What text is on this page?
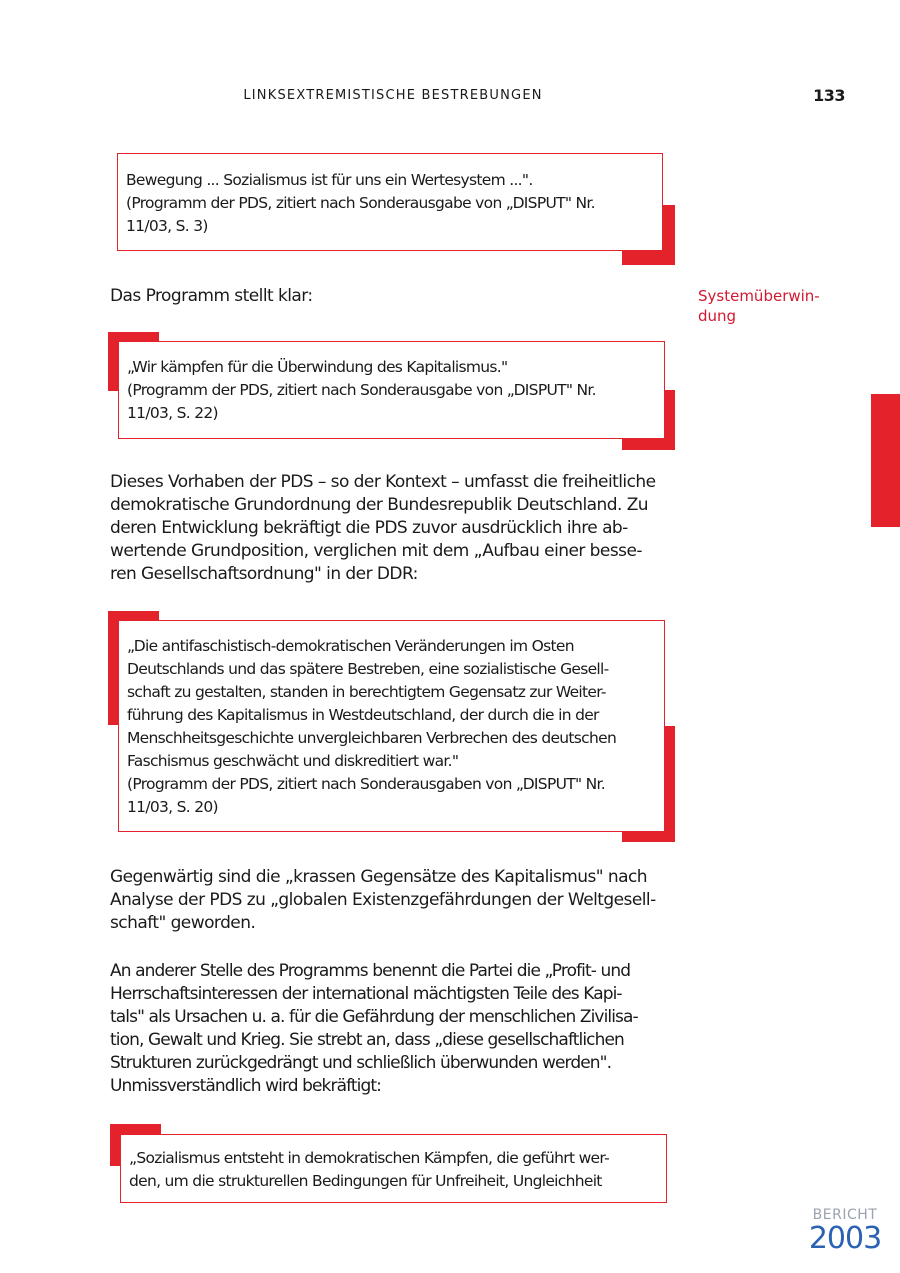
LINKSEXTREMISTISCHE BESTREBUNGEN	133
Systemüberwin-
dung
Bewegung ... Sozialismus ist für uns ein Wertesystem ...".
(Programm der PDS, zitiert nach Sonderausgabe von „DISPUT" Nr.
11/03, S. 3)
Das Programm stellt klar:
„Wir kämpfen für die Überwindung des Kapitalismus."
(Programm der PDS, zitiert nach Sonderausgabe von „DISPUT" Nr.
11/03, S. 22)
Dieses Vorhaben der PDS – so der Kontext – umfasst die freiheitliche
demokratische Grundordnung der Bundesrepublik Deutschland. Zu
deren Entwicklung bekräftigt die PDS zuvor ausdrücklich ihre ab-
wertende Grundposition, verglichen mit dem „Aufbau einer besse-
ren Gesellschaftsordnung" in der DDR:
„Die antifaschistisch-demokratischen Veränderungen im Osten
Deutschlands und das spätere Bestreben, eine sozialistische Gesell-
schaft zu gestalten, standen in berechtigtem Gegensatz zur Weiter-
führung des Kapitalismus in Westdeutschland, der durch die in der
Menschheitsgeschichte unvergleichbaren Verbrechen des deutschen
Faschismus geschwächt und diskreditiert war."
(Programm der PDS, zitiert nach Sonderausgaben von „DISPUT" Nr.
11/03, S. 20)
Gegenwärtig sind die „krassen Gegensätze des Kapitalismus" nach
Analyse der PDS zu „globalen Existenzgefährdungen der Weltgesell-
schaft" geworden.
An anderer Stelle des Programms benennt die Partei die „Profit- und
Herrschaftsinteressen der international mächtigsten Teile des Kapi-
tals" als Ursachen u. a. für die Gefährdung der menschlichen Zivilisa-
tion, Gewalt und Krieg. Sie strebt an, dass „diese gesellschaftlichen
Strukturen zurückgedrängt und schließlich überwunden werden".
Unmissverständlich wird bekräftigt:
„Sozialismus entsteht in demokratischen Kämpfen, die geführt wer-
den, um die strukturellen Bedingungen für Unfreiheit, Ungleichheit
BERICHT
2003
